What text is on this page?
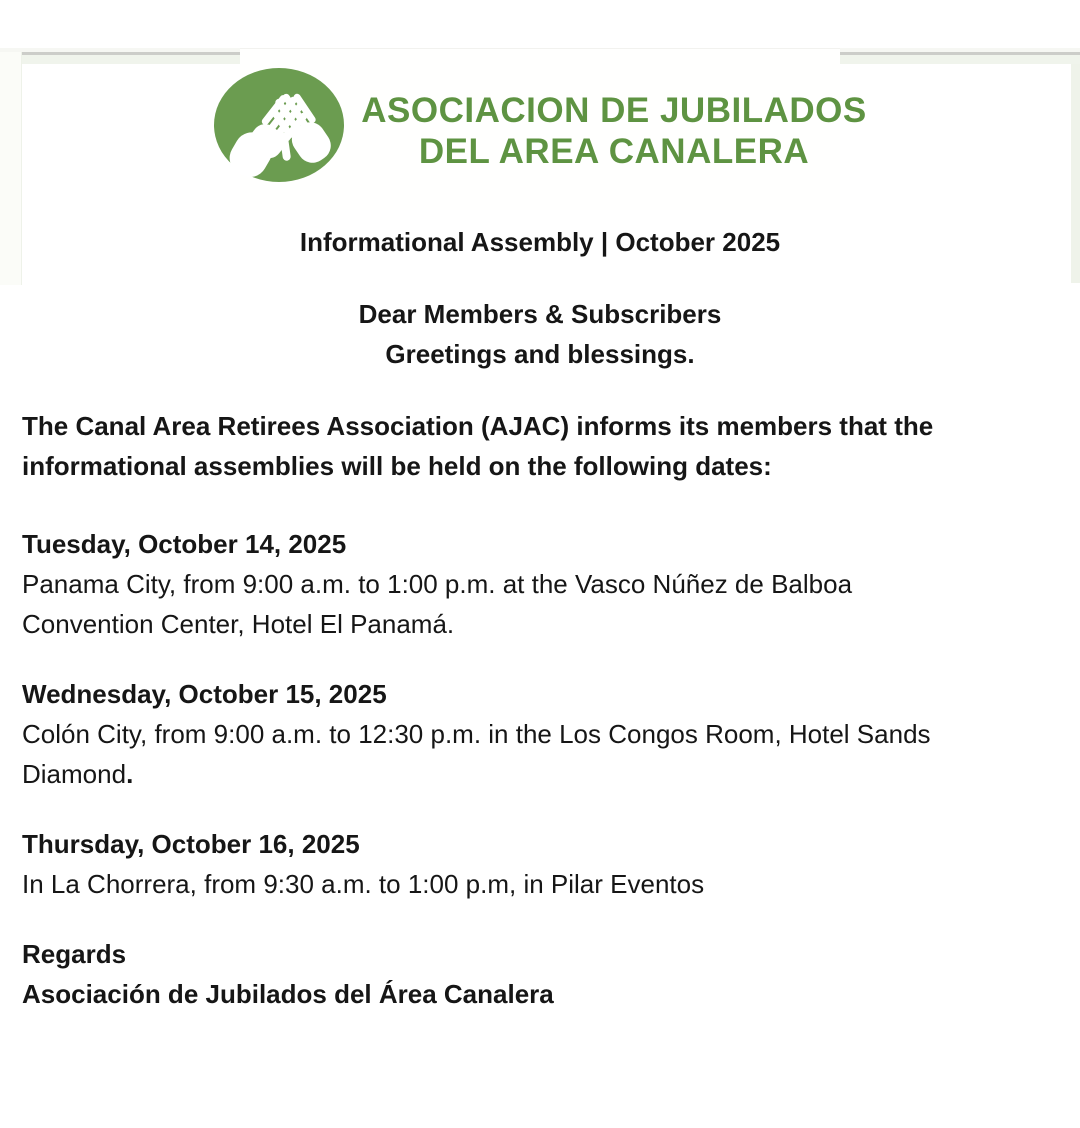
ASOCIACION DE JUBILADOS
DEL AREA CANALERA
Informational Assembly | October 2025
Dear Members & Subscribers
Greetings and blessings.
The Canal Area Retirees Association (AJAC) informs its members that the
informational assemblies will be held on the following dates:
Tuesday, October 14, 2025
Panama City, from 9:00 a.m. to 1:00 p.m. at the Vasco Núñez de Balboa
Convention Center, Hotel El Panamá.
Wednesday, October 15, 2025
Colón City, from 9:00 a.m. to 12:30 p.m. in the Los Congos Room, Hotel Sands
Diamond.
Thursday, October 16, 2025
In La Chorrera, from 9:30 a.m. to 1:00 p.m, in Pilar Eventos
Regards
Asociación de Jubilados del Área Canalera
